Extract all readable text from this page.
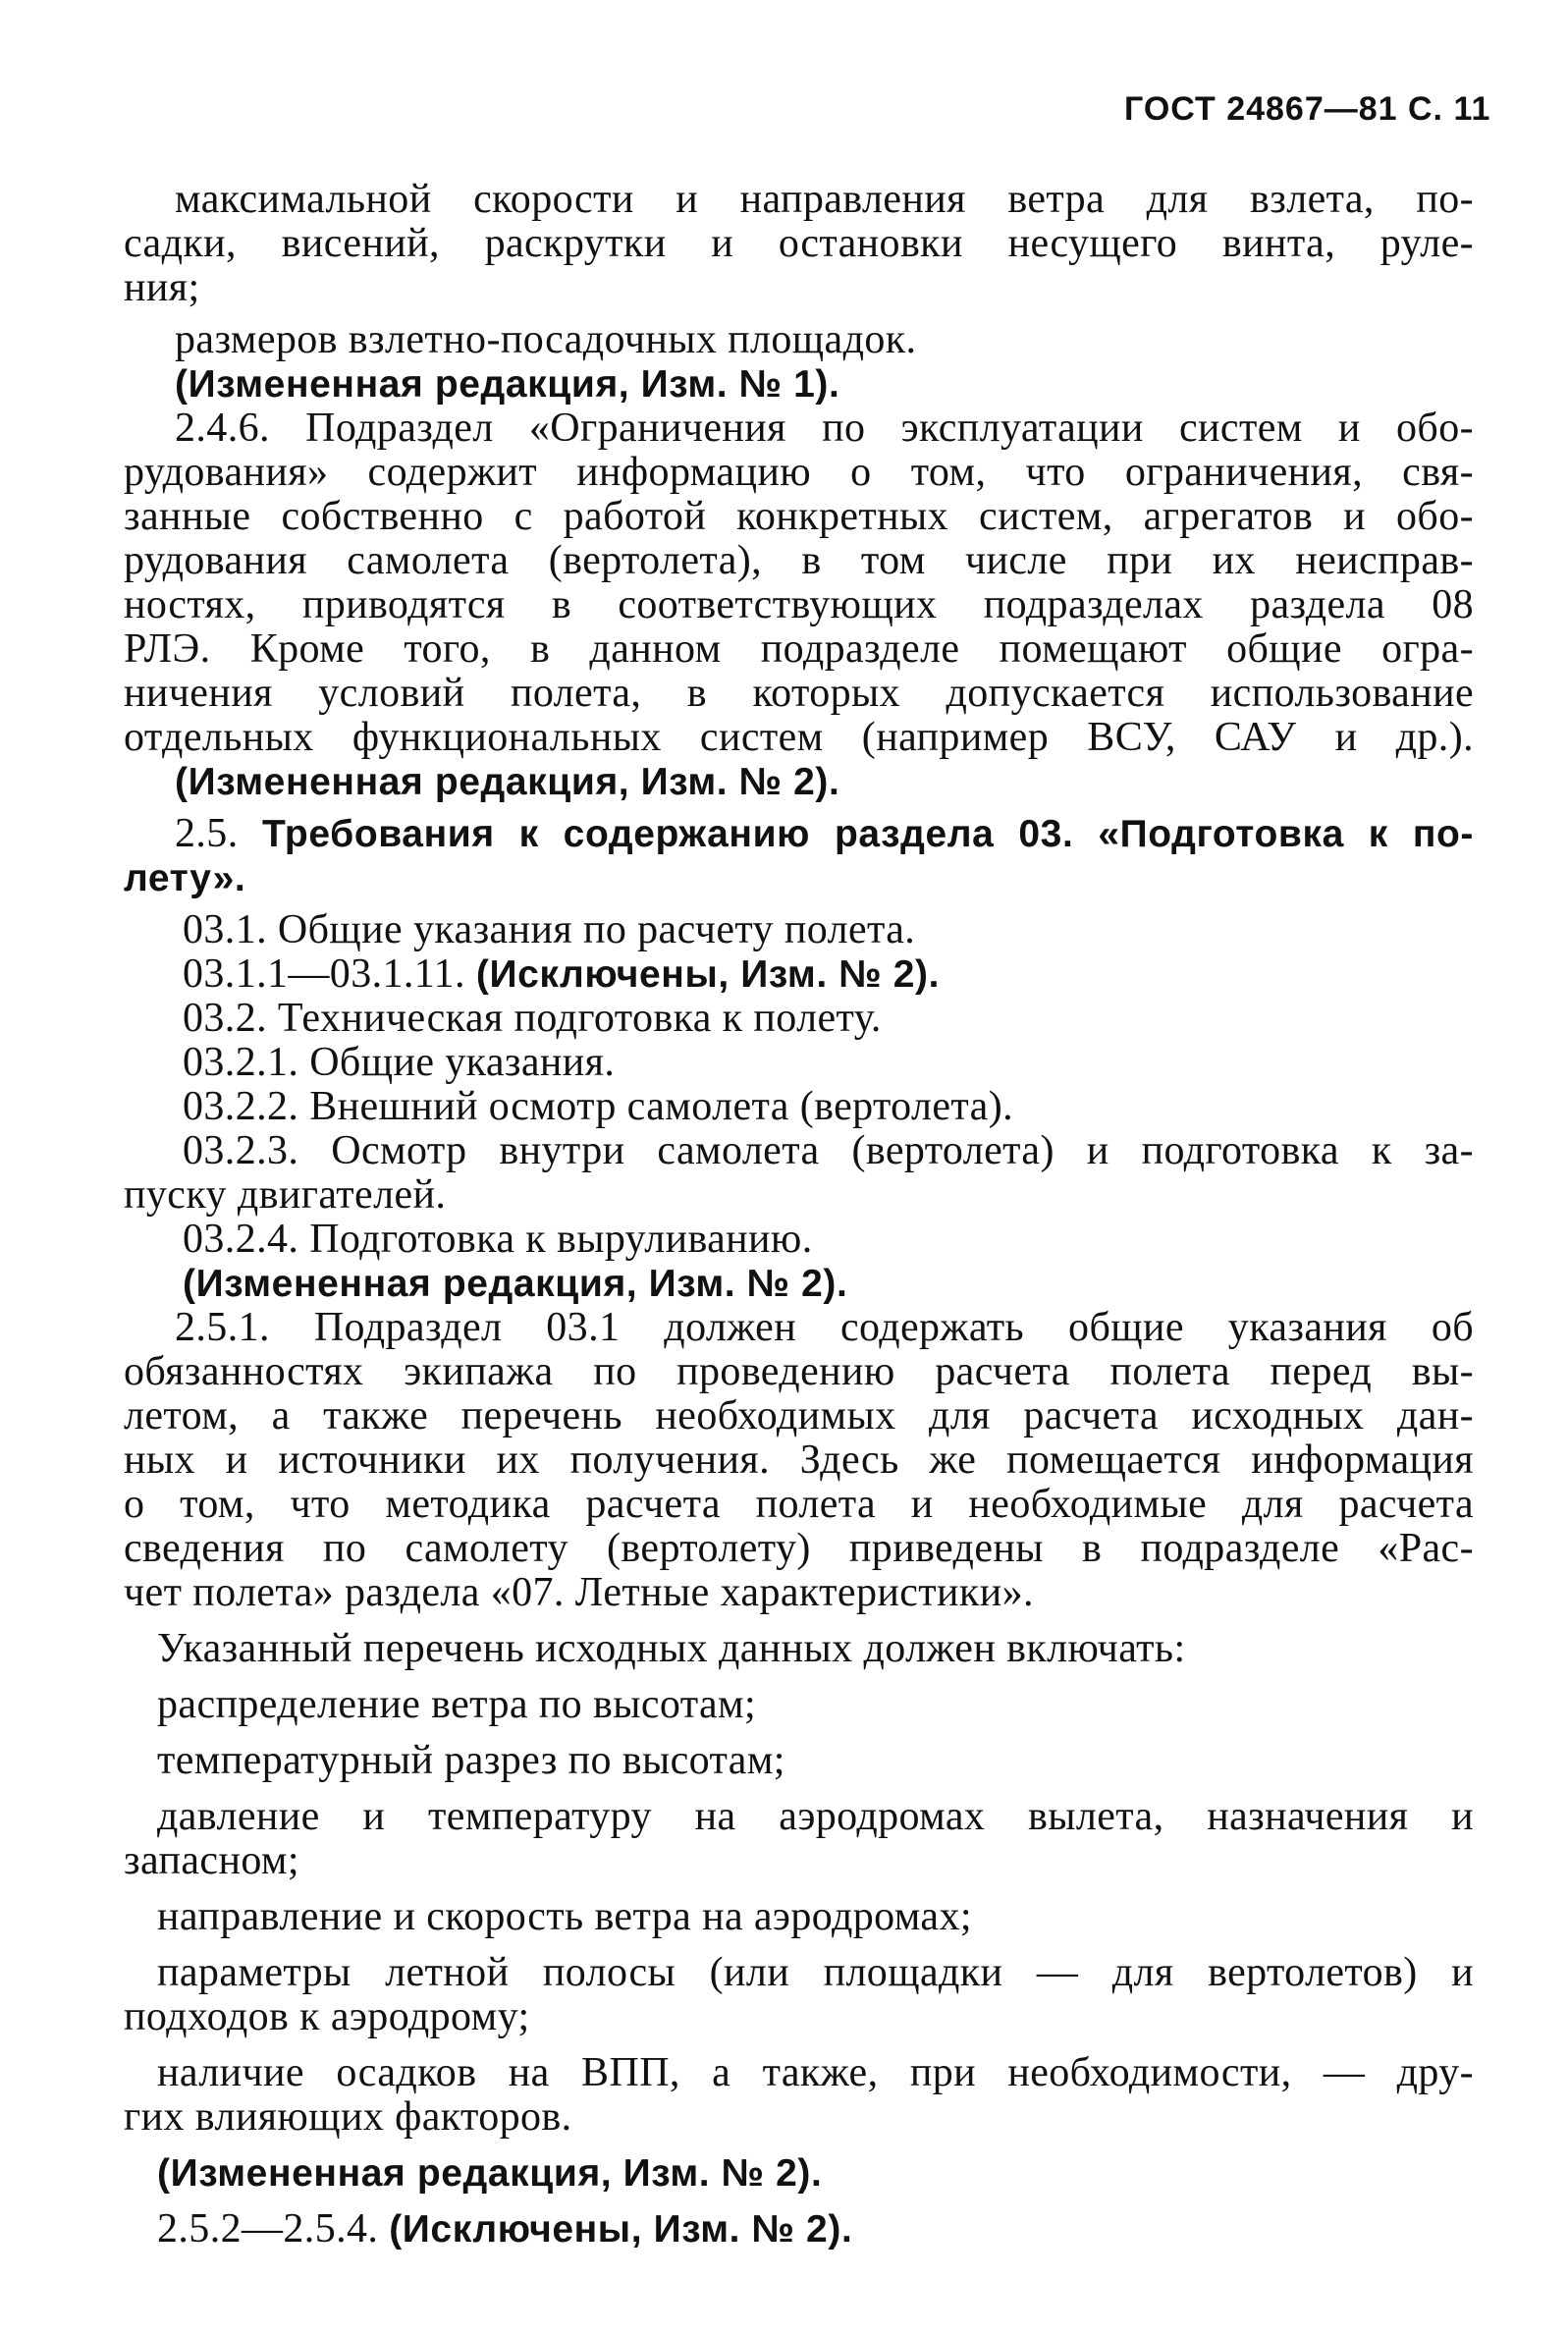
ГОСТ 24867—81 С. 11
максимальной скорости и направления ветра для взлета, по-
садки, висений, раскрутки и остановки несущего винта, руле-
ния;
размеров взлетно-посадочных площадок.
(Измененная редакция, Изм. № 1).
2.4.6. Подраздел «Ограничения по эксплуатации систем и обо-
рудования» содержит информацию о том, что ограничения, свя-
занные собственно с работой конкретных систем, агрегатов и обо-
рудования самолета (вертолета), в том числе при их неисправ-
ностях, приводятся в соответствующих подразделах раздела 08
РЛЭ. Кроме того, в данном подразделе помещают общие огра-
ничения условий полета, в которых допускается использование
отдельных функциональных систем (например ВСУ, САУ и др.).
(Измененная редакция, Изм. № 2).
2.5. Требования к содержанию раздела 03. «Подготовка к по-
лету».
03.1. Общие указания по расчету полета.
03.1.1—03.1.11. (Исключены, Изм. № 2).
03.2. Техническая подготовка к полету.
03.2.1. Общие указания.
03.2.2. Внешний осмотр самолета (вертолета).
03.2.3. Осмотр внутри самолета (вертолета) и подготовка к за-
пуску двигателей.
03.2.4. Подготовка к выруливанию.
(Измененная редакция, Изм. № 2).
2.5.1. Подраздел 03.1 должен содержать общие указания об
обязанностях экипажа по проведению расчета полета перед вы-
летом, а также перечень необходимых для расчета исходных дан-
ных и источники их получения. Здесь же помещается информация
о том, что методика расчета полета и необходимые для расчета
сведения по самолету (вертолету) приведены в подразделе «Рас-
чет полета» раздела «07. Летные характеристики».
Указанный перечень исходных данных должен включать:
распределение ветра по высотам;
температурный разрез по высотам;
давление и температуру на аэродромах вылета, назначения и
запасном;
направление и скорость ветра на аэродромах;
параметры летной полосы (или площадки — для вертолетов) и
подходов к аэродрому;
наличие осадков на ВПП, а также, при необходимости, — дру-
гих влияющих факторов.
(Измененная редакция, Изм. № 2).
2.5.2—2.5.4. (Исключены, Изм. № 2).
